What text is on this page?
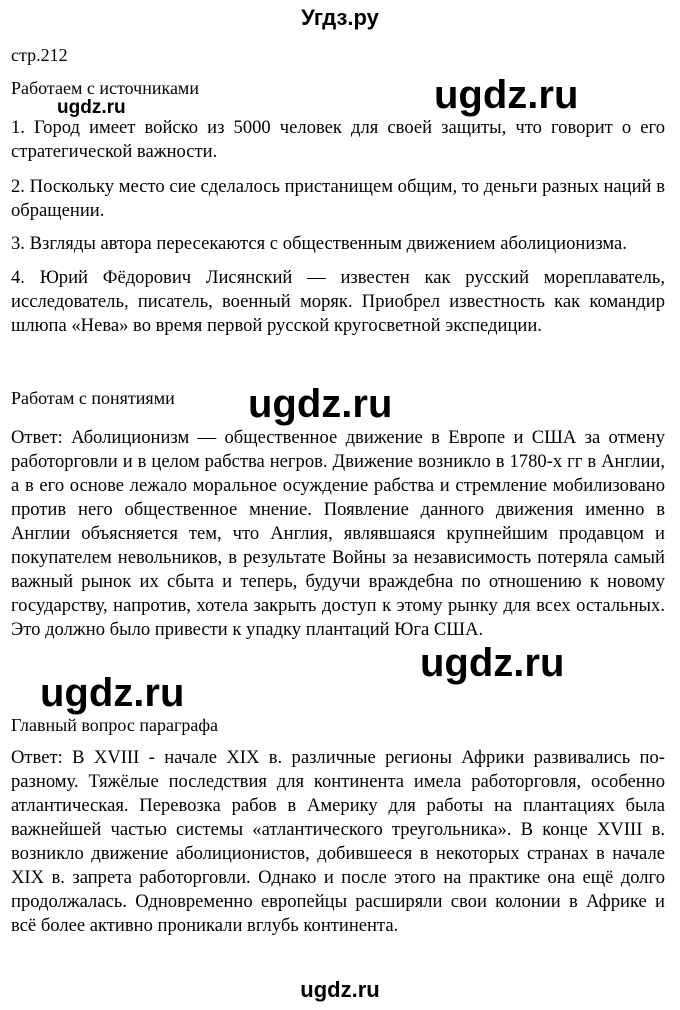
Угдз.ру
стр.212
Работаем с источниками
1. Город имеет войско из 5000 человек для своей защиты, что говорит о его стратегической важности.
2. Поскольку место сие сделалось пристанищем общим, то деньги разных наций в обращении.
3. Взгляды автора пересекаются с общественным движением аболиционизма.
4. Юрий Фёдорович Лисянский — известен как русский мореплаватель, исследователь, писатель, военный моряк. Приобрел известность как командир шлюпа «Нева» во время первой русской кругосветной экспедиции.
Работам с понятиями
Ответ: Аболиционизм — общественное движение в Европе и США за отмену работорговли и в целом рабства негров. Движение возникло в 1780-х гг в Англии, а в его основе лежало моральное осуждение рабства и стремление мобилизовано против него общественное мнение. Появление данного движения именно в Англии объясняется тем, что Англия, являвшаяся крупнейшим продавцом и покупателем невольников, в результате Войны за независимость потеряла самый важный рынок их сбыта и теперь, будучи враждебна по отношению к новому государству, напротив, хотела закрыть доступ к этому рынку для всех остальных. Это должно было привести к упадку плантаций Юга США.
Главный вопрос параграфа
Ответ: В XVIII - начале XIX в. различные регионы Африки развивались по-разному. Тяжёлые последствия для континента имела работорговля, особенно атлантическая. Перевозка рабов в Америку для работы на плантациях была важнейшей частью системы «атлантического треугольника». В конце XVIII в. возникло движение аболиционистов, добившееся в некоторых странах в начале XIX в. запрета работорговли. Однако и после этого на практике она ещё долго продолжалась. Одновременно европейцы расширяли свои колонии в Африке и всё более активно проникали вглубь континента.
ugdz.ru
ugdz.ru
ugdz.ru
ugdz.ru
ugdz.ru
ugdz.ru
